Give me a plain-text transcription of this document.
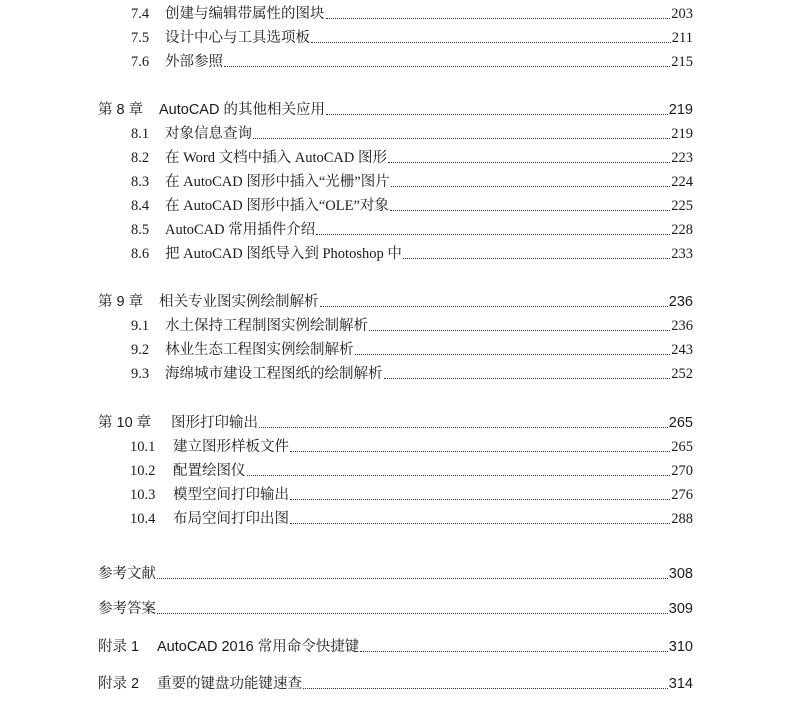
7.4 创建与编辑带属性的图块	203
7.5 设计中心与工具选项板	211
7.6 外部参照	215
第 8 章 AutoCAD 的其他相关应用	219
8.1 对象信息查询	219
8.2 在 Word 文档中插入 AutoCAD 图形	223
8.3 在 AutoCAD 图形中插入“光栅”图片	224
8.4 在 AutoCAD 图形中插入“OLE”对象	225
8.5 AutoCAD 常用插件介绍	228
8.6 把 AutoCAD 图纸导入到 Photoshop 中	233
第 9 章 相关专业图实例绘制解析	236
9.1 水土保持工程制图实例绘制解析	236
9.2 林业生态工程图实例绘制解析	243
9.3 海绵城市建设工程图纸的绘制解析	252
第 10 章 图形打印输出	265
10.1 建立图形样板文件	265
10.2 配置绘图仪	270
10.3 模型空间打印输出	276
10.4 布局空间打印出图	288
参考文献	308
参考答案	309
附录 1 AutoCAD 2016 常用命令快捷键	310
附录 2 重要的键盘功能键速查	314
